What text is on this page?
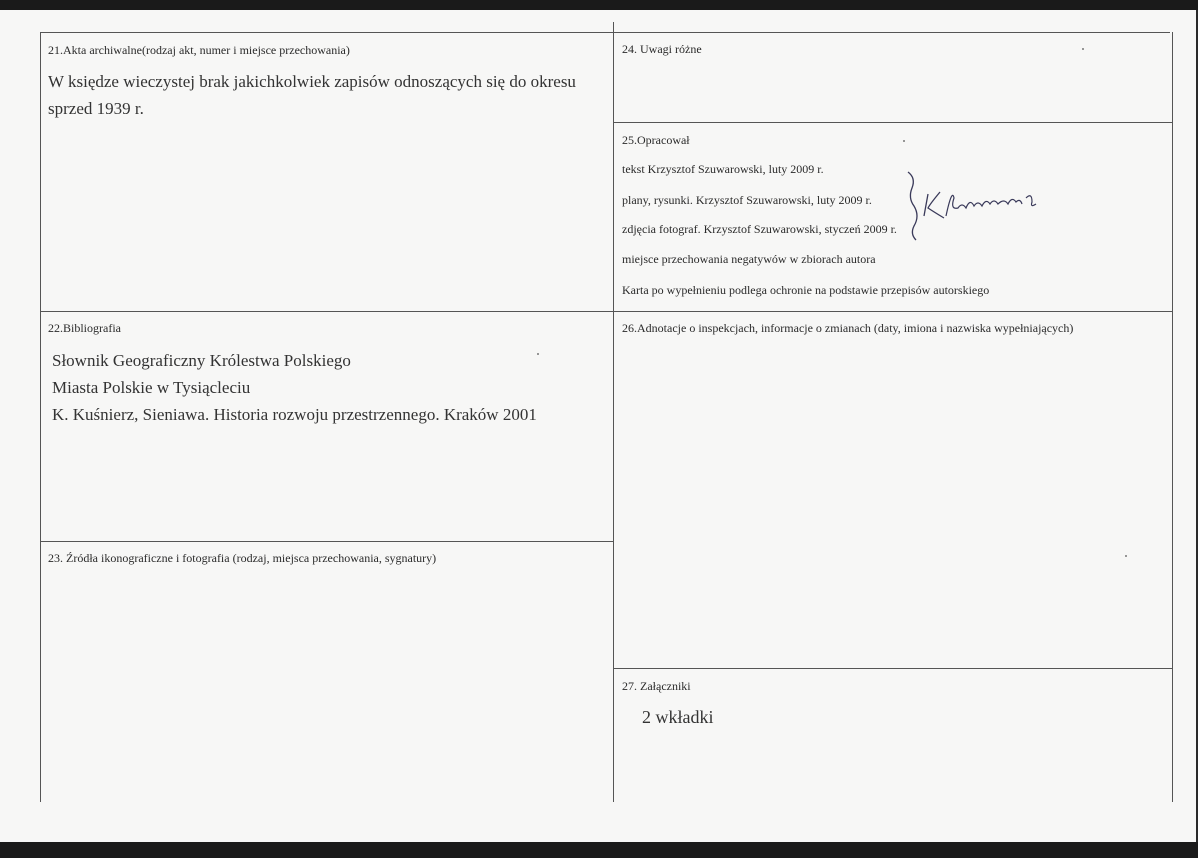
21.Akta archiwalne(rodzaj akt, numer i miejsce przechowania)
W księdze wieczystej brak jakichkolwiek zapisów odnoszących się do okresu
sprzed 1939 r.
24. Uwagi różne
25.Opracował
tekst Krzysztof Szuwarowski, luty 2009 r.
plany, rysunki. Krzysztof Szuwarowski, luty 2009 r.
zdjęcia fotograf. Krzysztof Szuwarowski, styczeń 2009 r.
miejsce przechowania negatywów w zbiorach autora
Karta po wypełnieniu podlega ochronie na podstawie przepisów autorskiego
22.Bibliografia
Słownik Geograficzny Królestwa Polskiego
Miasta Polskie w Tysiącleciu
K. Kuśnierz, Sieniawa. Historia rozwoju przestrzennego. Kraków 2001
23. Źródła ikonograficzne i fotografia (rodzaj, miejsca przechowania, sygnatury)
26.Adnotacje o inspekcjach, informacje o zmianach (daty, imiona i nazwiska wypełniających)
27. Załączniki
2 wkładki
